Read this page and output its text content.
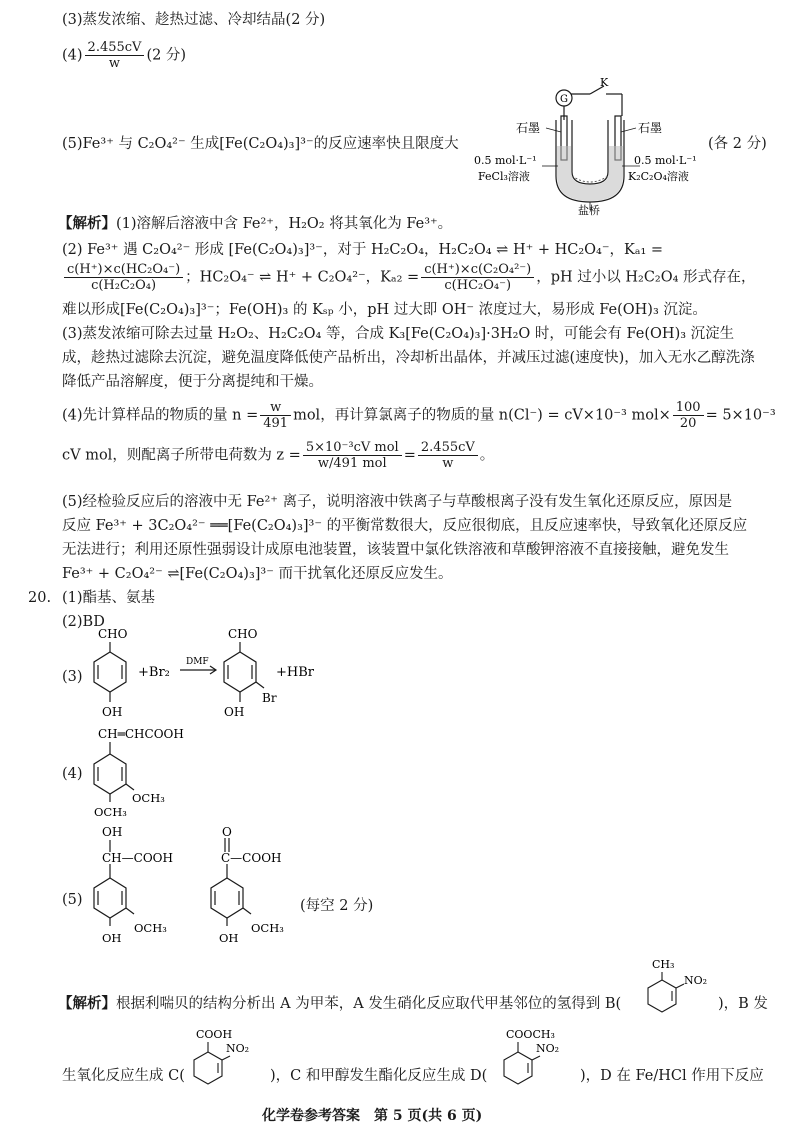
(3)蒸发浓缩、趁热过滤、冷却结晶(2 分)
$(4) \frac{2.455cV}{w} (2$ 分)
(5)Fe³⁺ 与 C₂O₄²⁻ 生成[Fe(C₂O₄)₃]³⁻的反应速率快且限度大	(各 2 分)
G
K
石墨	石墨
0.5 mol·L⁻¹
FeCl₃溶液
0.5 mol·L⁻¹
K₂C₂O₄溶液
盐桥
【解析】(1)溶解后溶液中含 Fe²⁺，H₂O₂ 将其氧化为 Fe³⁺。
(2) Fe³⁺ 遇 C₂O₄²⁻ 形成 [Fe(C₂O₄)₃]³⁻，对于 H₂C₂O₄，H₂C₂O₄ ⇌ H⁺ + HC₂O₄⁻，Kₐ₁ =
$\frac{\text{c(H⁺)×c(HC₂O₄⁻)}}{\text{c(H₂C₂O₄)}}$ ；HC₂O₄⁻ ⇌ H⁺ + C₂O₄²⁻，$K_{a2} = \frac{\text{c(H⁺)×c(C₂O₄²⁻)}}{\text{c(HC₂O₄⁻)}}$ ，pH 过小以 H₂C₂O₄ 形式存在，
难以形成[Fe(C₂O₄)₃]³⁻；Fe(OH)₃ 的 Kₛₚ 小，pH 过大即 OH⁻ 浓度过大，易形成 Fe(OH)₃ 沉淀。
(3)蒸发浓缩可除去过量 H₂O₂、H₂C₂O₄ 等，合成 K₃[Fe(C₂O₄)₃]·3H₂O 时，可能会有 Fe(OH)₃ 沉淀生
成，趁热过滤除去沉淀，避免温度降低使产品析出，冷却析出晶体，并减压过滤(速度快)，加入无水乙醇洗涤
降低产品溶解度，便于分离提纯和干燥。
(4)先计算样品的物质的量 $n = \frac{w}{491}$ mol，再计算氯离子的物质的量 n(Cl⁻) = cV×10⁻³ $mol\times \frac{100}{20} = 5\times 10^{-3}$
cV mol，则配离子所带电荷数为 $z = \frac{\text{5×10⁻³cV mol}}{\text{w/491 mol}} = \frac{2.455cV}{w}$ 。
(5)经检验反应后的溶液中无 Fe²⁺ 离子，说明溶液中铁离子与草酸根离子没有发生氧化还原反应，原因是
反应 Fe³⁺ + 3C₂O₄²⁻ ══[Fe(C₂O₄)₃]³⁻ 的平衡常数很大，反应很彻底，且反应速率快，导致氧化还原反应
无法进行；利用还原性强弱设计成原电池装置，该装置中氯化铁溶液和草酸钾溶液不直接接触，避免发生
Fe³⁺ + C₂O₄²⁻ ⇌[Fe(C₂O₄)₃]³⁻ 而干扰氧化还原反应发生。
20. (1)酯基、氨基
(2)BD
(3)
CHO
OH
+Br₂
DMF
CHO
OH
Br
+HBr
(4)
CH═CHCOOH
OCH₃
OCH₃
(5)
OH
CH—COOH
OH
OCH₃
O
C—COOH
OH
OCH₃
(每空 2 分)
【解析】根据利喘贝的结构分析出 A 为甲苯，A 发生硝化反应取代甲基邻位的氢得到 B(
CH₃
NO₂
)，B 发
生氧化反应生成 C(
COOH
NO₂
)，C 和甲醇发生酯化反应生成 D(
COOCH₃
NO₂
)，D 在 Fe/HCl 作用下反应
化学卷参考答案　第 5 页(共 6 页)
